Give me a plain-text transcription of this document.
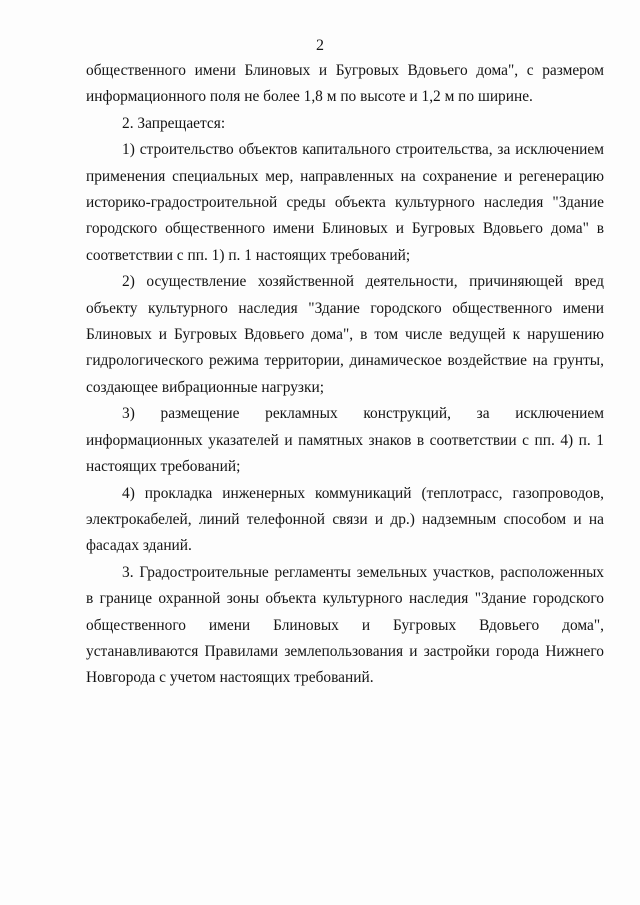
2

общественного имени Блиновых и Бугровых Вдовьего дома", с размером информационного поля не более 1,8 м по высоте и 1,2 м по ширине.

2. Запрещается:

1) строительство объектов капитального строительства, за исключением применения специальных мер, направленных на сохранение и регенерацию историко-градостроительной среды объекта культурного наследия "Здание городского общественного имени Блиновых и Бугровых Вдовьего дома" в соответствии с пп. 1) п. 1 настоящих требований;

2) осуществление хозяйственной деятельности, причиняющей вред объекту культурного наследия "Здание городского общественного имени Блиновых и Бугровых Вдовьего дома", в том числе ведущей к нарушению гидрологического режима территории, динамическое воздействие на грунты, создающее вибрационные нагрузки;

3) размещение рекламных конструкций, за исключением информационных указателей и памятных знаков в соответствии с пп. 4) п. 1 настоящих требований;

4) прокладка инженерных коммуникаций (теплотрасс, газопроводов, электрокабелей, линий телефонной связи и др.) надземным способом и на фасадах зданий.

3. Градостроительные регламенты земельных участков, расположенных в границе охранной зоны объекта культурного наследия "Здание городского общественного имени Блиновых и Бугровых Вдовьего дома", устанавливаются Правилами землепользования и застройки города Нижнего Новгорода с учетом настоящих требований.
